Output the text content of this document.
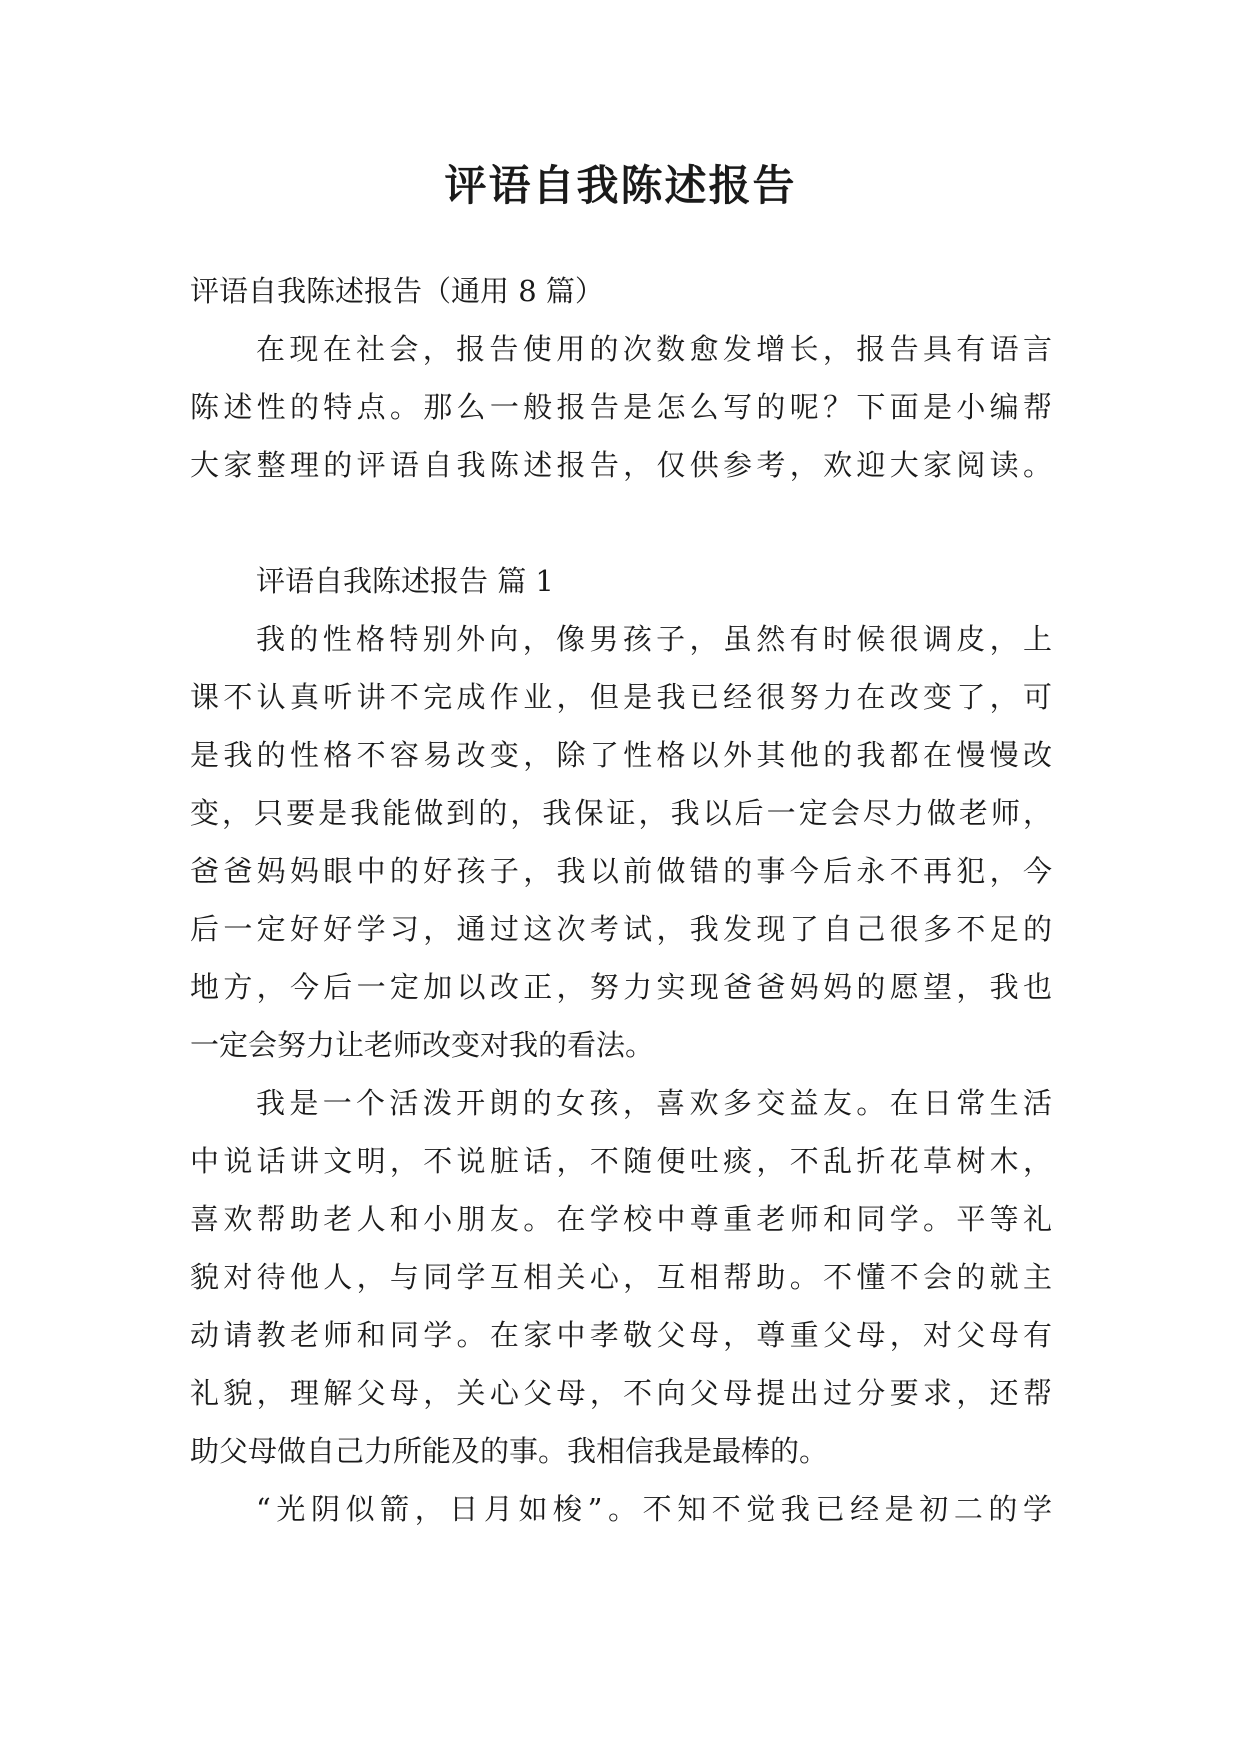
评语自我陈述报告
评语自我陈述报告（通用 8 篇）
在现在社会，报告使用的次数愈发增长，报告具有语言
陈述性的特点。那么一般报告是怎么写的呢？下面是小编帮
大家整理的评语自我陈述报告，仅供参考，欢迎大家阅读。
评语自我陈述报告 篇 1
我的性格特别外向，像男孩子，虽然有时候很调皮，上
课不认真听讲不完成作业，但是我已经很努力在改变了，可
是我的性格不容易改变，除了性格以外其他的我都在慢慢改
变，只要是我能做到的，我保证，我以后一定会尽力做老师，
爸爸妈妈眼中的好孩子，我以前做错的事今后永不再犯，今
后一定好好学习，通过这次考试，我发现了自己很多不足的
地方，今后一定加以改正，努力实现爸爸妈妈的愿望，我也
一定会努力让老师改变对我的看法。
我是一个活泼开朗的女孩，喜欢多交益友。在日常生活
中说话讲文明，不说脏话，不随便吐痰，不乱折花草树木，
喜欢帮助老人和小朋友。在学校中尊重老师和同学。平等礼
貌对待他人，与同学互相关心，互相帮助。不懂不会的就主
动请教老师和同学。在家中孝敬父母，尊重父母，对父母有
礼貌，理解父母，关心父母，不向父母提出过分要求，还帮
助父母做自己力所能及的事。我相信我是最棒的。
“光阴似箭，日月如梭”。不知不觉我已经是初二的学
